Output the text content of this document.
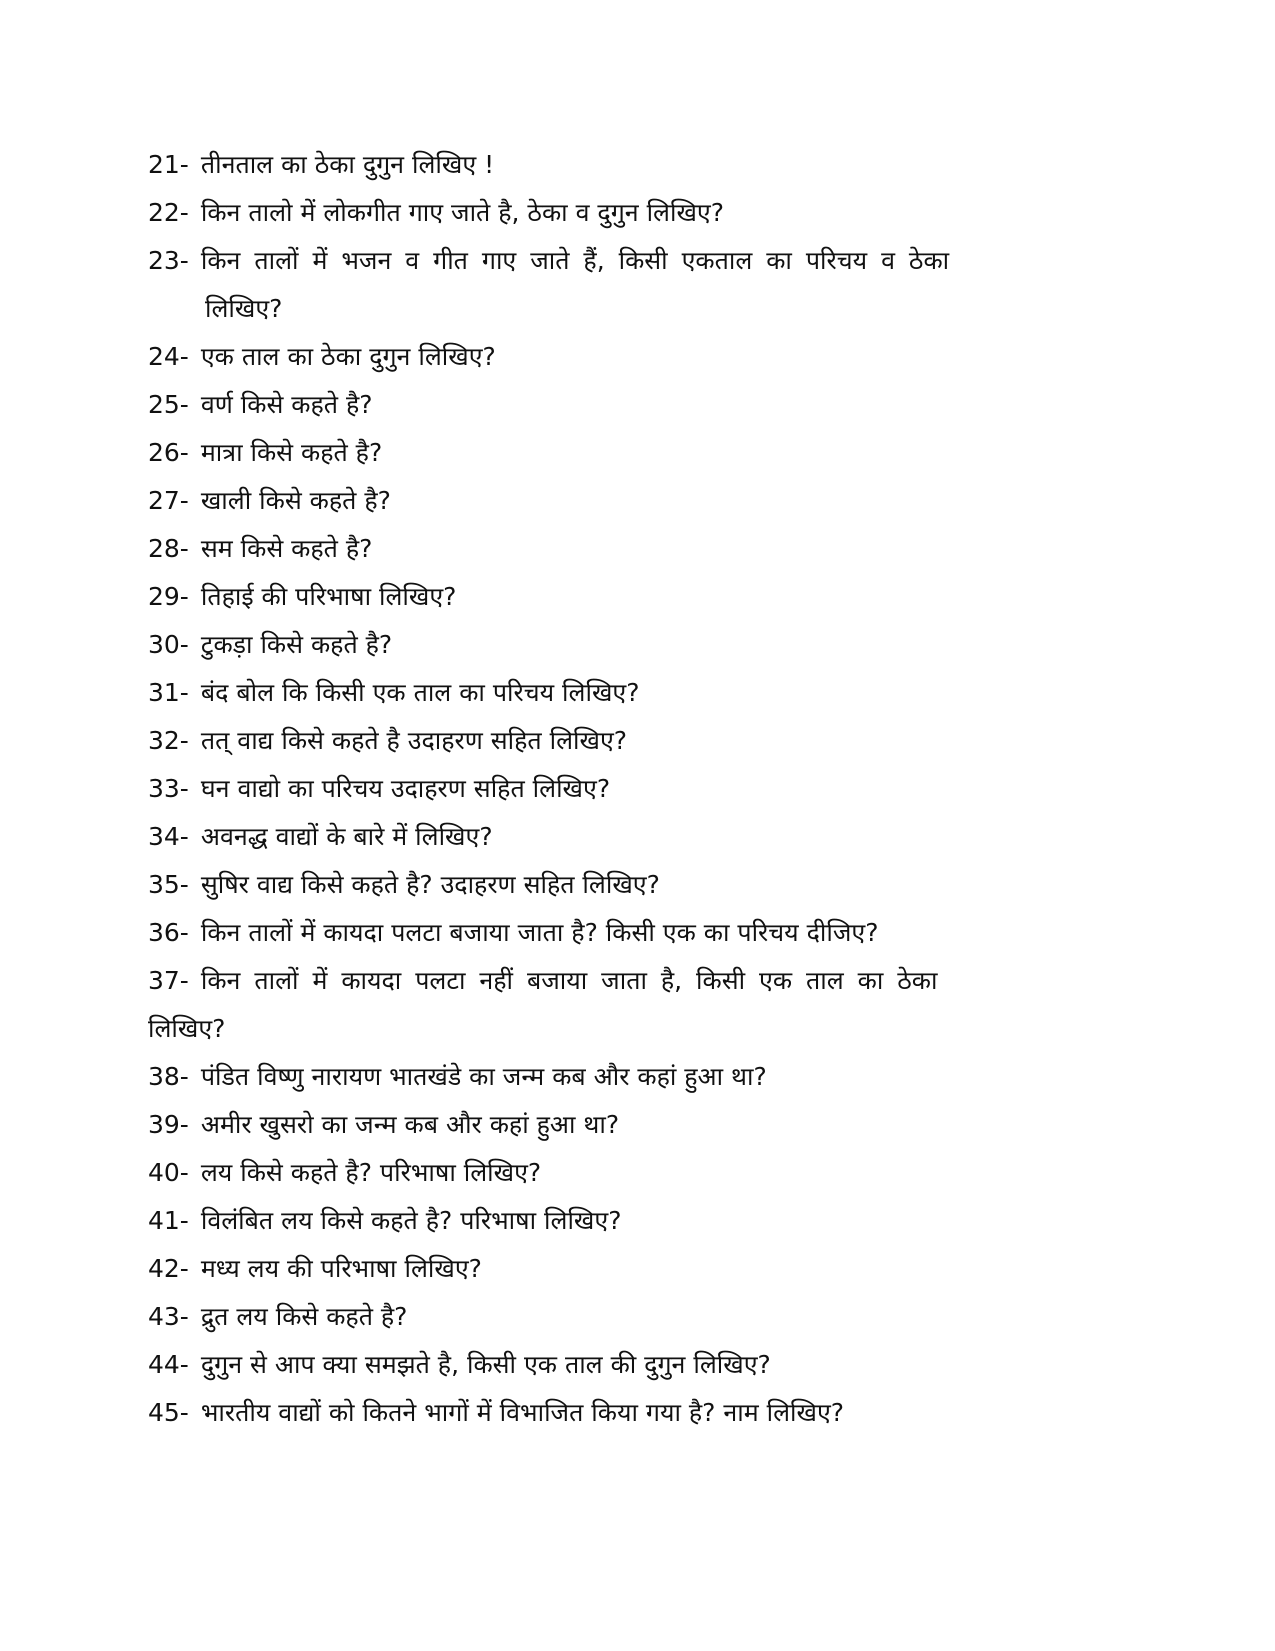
21- तीनताल का ठेका दुगुन लिखिए !
22- किन तालो में लोकगीत गाए जाते है, ठेका व दुगुन लिखिए?
23- किन तालों में भजन व गीत गाए जाते हैं, किसी एकताल का परिचय व ठेका
लिखिए?
24- एक ताल का ठेका दुगुन लिखिए?
25- वर्ण किसे कहते है?
26- मात्रा किसे कहते है?
27- खाली किसे कहते है?
28- सम किसे कहते है?
29- तिहाई की परिभाषा लिखिए?
30- टुकड़ा किसे कहते है?
31- बंद बोल कि किसी एक ताल का परिचय लिखिए?
32- तत् वाद्य किसे कहते है उदाहरण सहित लिखिए?
33- घन वाद्यो का परिचय उदाहरण सहित लिखिए?
34- अवनद्ध वाद्यों के बारे में लिखिए?
35- सुषिर वाद्य किसे कहते है? उदाहरण सहित लिखिए?
36- किन तालों में कायदा पलटा बजाया जाता है? किसी एक का परिचय दीजिए?
37- किन तालों में कायदा पलटा नहीं बजाया जाता है, किसी एक ताल का ठेका
लिखिए?
38- पंडित विष्णु नारायण भातखंडे का जन्म कब और कहां हुआ था?
39- अमीर खुसरो का जन्म कब और कहां हुआ था?
40- लय किसे कहते है? परिभाषा लिखिए?
41- विलंबित लय किसे कहते है? परिभाषा लिखिए?
42- मध्य लय की परिभाषा लिखिए?
43- द्रुत लय किसे कहते है?
44- दुगुन से आप क्या समझते है, किसी एक ताल की दुगुन लिखिए?
45- भारतीय वाद्यों को कितने भागों में विभाजित किया गया है? नाम लिखिए?
